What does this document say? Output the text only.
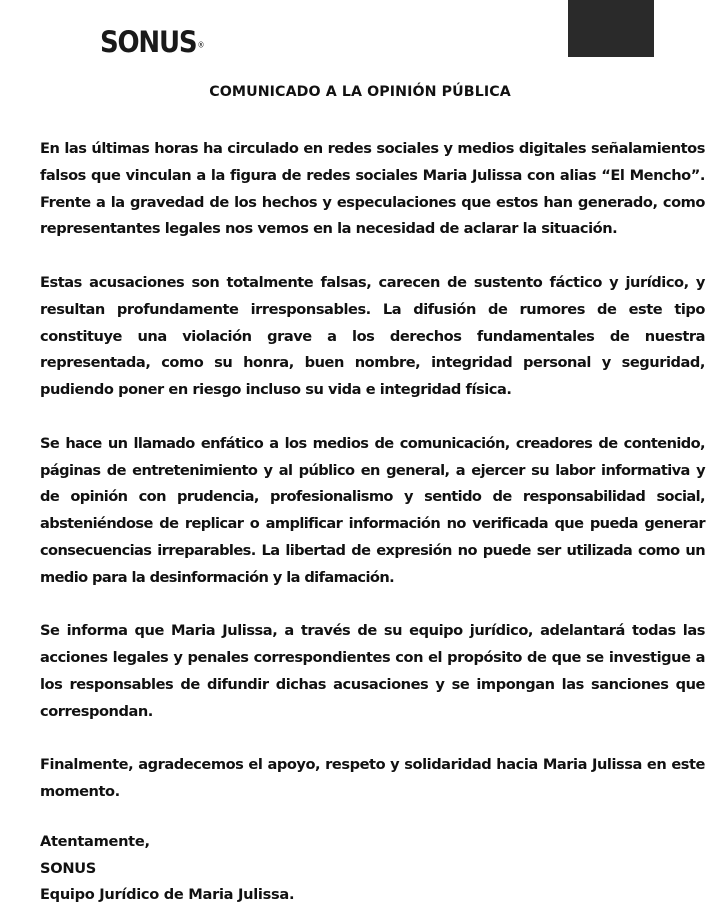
SONUS®
COMUNICADO A LA OPINIÓN PÚBLICA

En las últimas horas ha circulado en redes sociales y medios digitales señalamientos falsos que vinculan a la figura de redes sociales Maria Julissa con alias “El Mencho”. Frente a la gravedad de los hechos y especulaciones que estos han generado, como representantes legales nos vemos en la necesidad de aclarar la situación.

Estas acusaciones son totalmente falsas, carecen de sustento fáctico y jurídico, y resultan profundamente irresponsables. La difusión de rumores de este tipo constituye una violación grave a los derechos fundamentales de nuestra representada, como su honra, buen nombre, integridad personal y seguridad, pudiendo poner en riesgo incluso su vida e integridad física.

Se hace un llamado enfático a los medios de comunicación, creadores de contenido, páginas de entretenimiento y al público en general, a ejercer su labor informativa y de opinión con prudencia, profesionalismo y sentido de responsabilidad social, absteniéndose de replicar o amplificar información no verificada que pueda generar consecuencias irreparables. La libertad de expresión no puede ser utilizada como un medio para la desinformación y la difamación.

Se informa que Maria Julissa, a través de su equipo jurídico, adelantará todas las acciones legales y penales correspondientes con el propósito de que se investigue a los responsables de difundir dichas acusaciones y se impongan las sanciones que correspondan.

Finalmente, agradecemos el apoyo, respeto y solidaridad hacia Maria Julissa en este momento.

Atentamente,
SONUS
Equipo Jurídico de Maria Julissa.
